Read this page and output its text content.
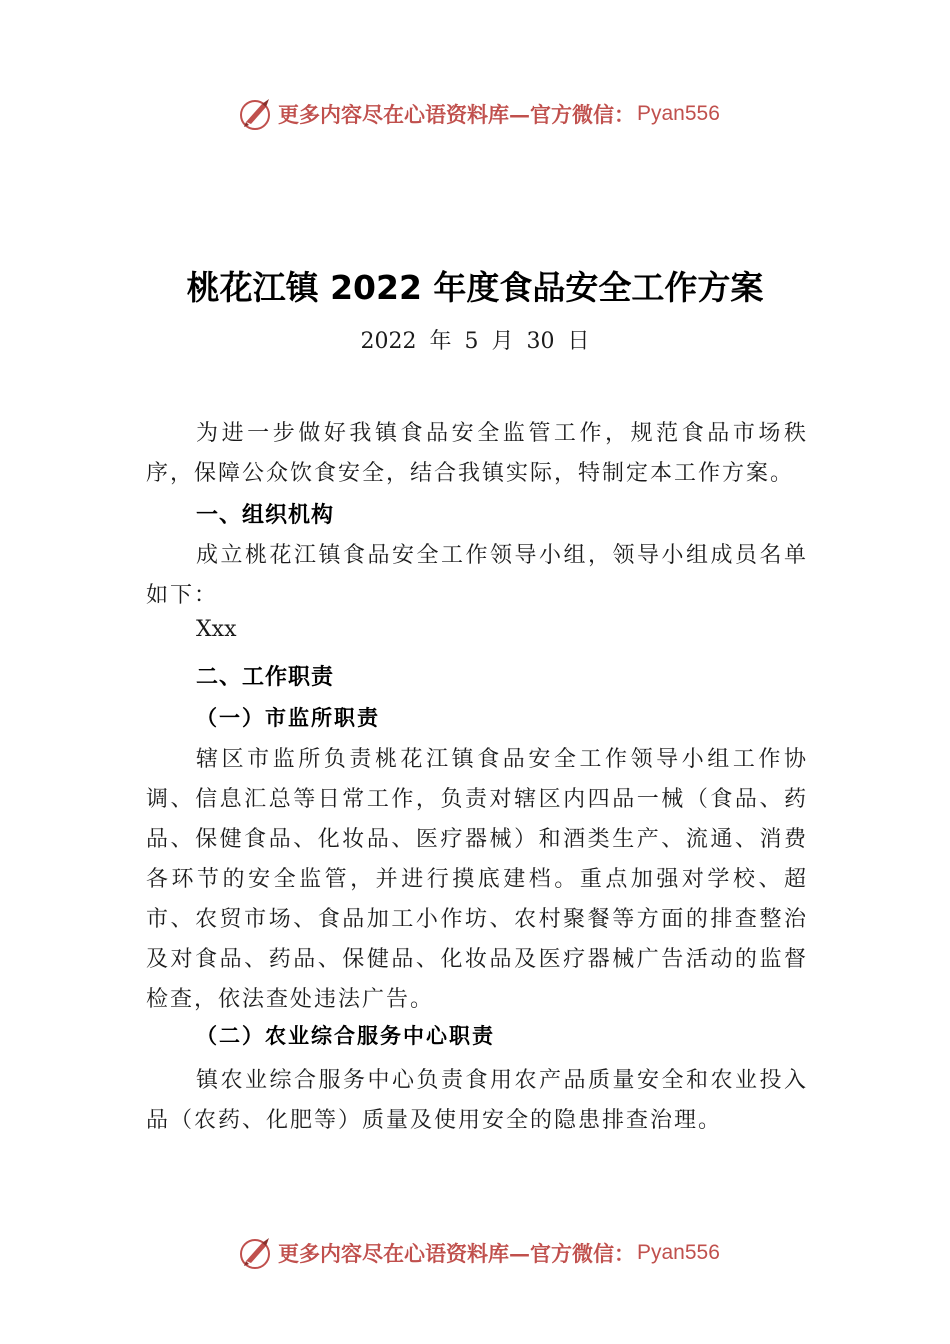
更多内容尽在心语资料库 — 官方微信： Pyan556
桃花江镇 2022 年度食品安全工作方案
2022 年 5 月 30 日
为进一步做好我镇食品安全监管工作，规范食品市场秩序，保障公众饮食安全，结合我镇实际，特制定本工作方案。
一、组织机构
成立桃花江镇食品安全工作领导小组，领导小组成员名单如下：
Xxx
二、工作职责
（一）市监所职责
辖区市监所负责桃花江镇食品安全工作领导小组工作协调、信息汇总等日常工作，负责对辖区内四品一械（食品、药品、保健食品、化妆品、医疗器械）和酒类生产、流通、消费各环节的安全监管，并进行摸底建档。重点加强对学校、超市、农贸市场、食品加工小作坊、农村聚餐等方面的排查整治及对食品、药品、保健品、化妆品及医疗器械广告活动的监督检查，依法查处违法广告。
（二）农业综合服务中心职责
镇农业综合服务中心负责食用农产品质量安全和农业投入品（农药、化肥等）质量及使用安全的隐患排查治理。
更多内容尽在心语资料库 — 官方微信： Pyan556
